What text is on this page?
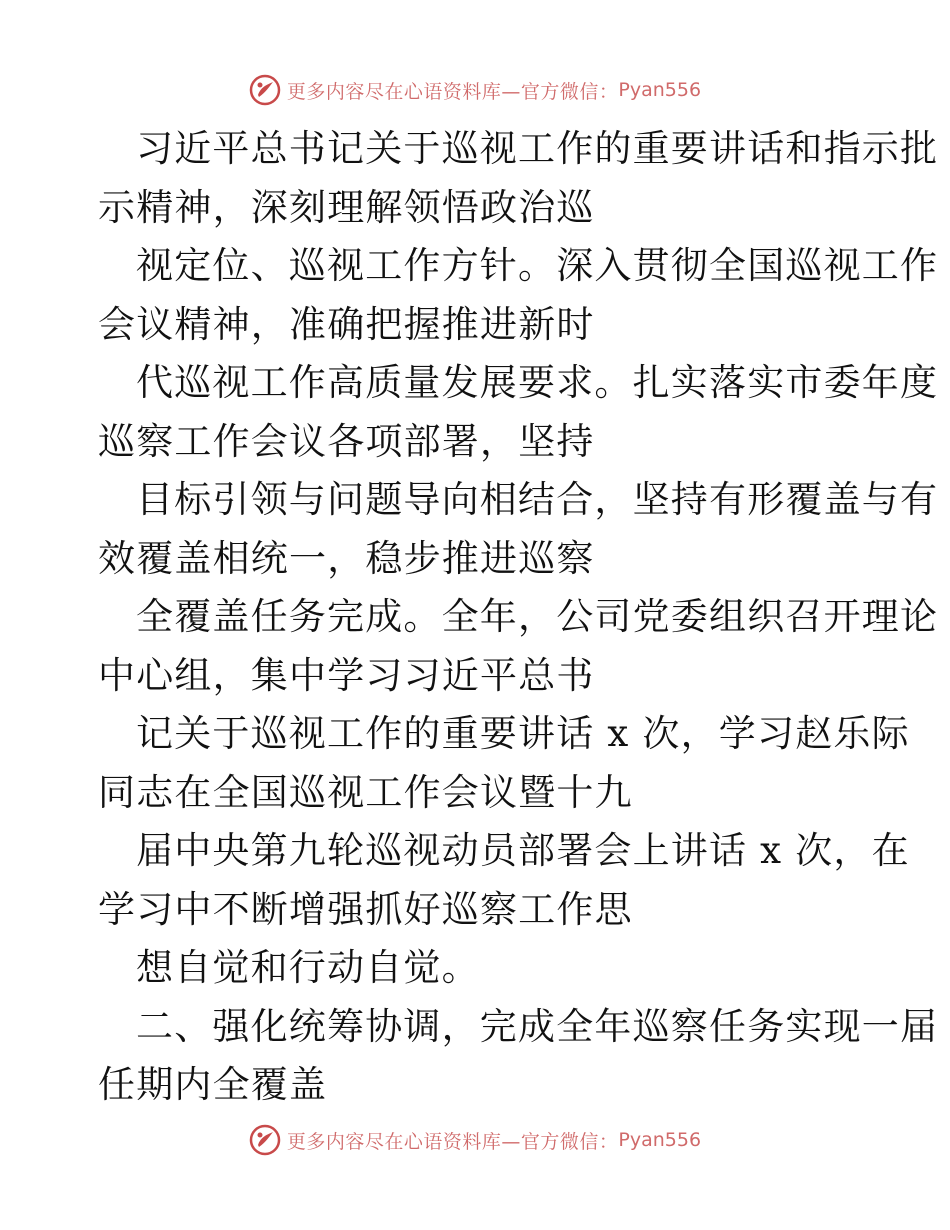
更多内容尽在心语资料库—官方微信： Pyan556
习近平总书记关于巡视工作的重要讲话和指示批
示精神，深刻理解领悟政治巡
视定位、巡视工作方针。深入贯彻全国巡视工作
会议精神，准确把握推进新时
代巡视工作高质量发展要求。扎实落实市委年度
巡察工作会议各项部署，坚持
目标引领与问题导向相结合，坚持有形覆盖与有
效覆盖相统一，稳步推进巡察
全覆盖任务完成。全年，公司党委组织召开理论
中心组，集中学习习近平总书
记关于巡视工作的重要讲话 x 次，学习赵乐际
同志在全国巡视工作会议暨十九
届中央第九轮巡视动员部署会上讲话 x 次，在
学习中不断增强抓好巡察工作思
想自觉和行动自觉。
二、强化统筹协调，完成全年巡察任务实现一届
任期内全覆盖
更多内容尽在心语资料库—官方微信： Pyan556
